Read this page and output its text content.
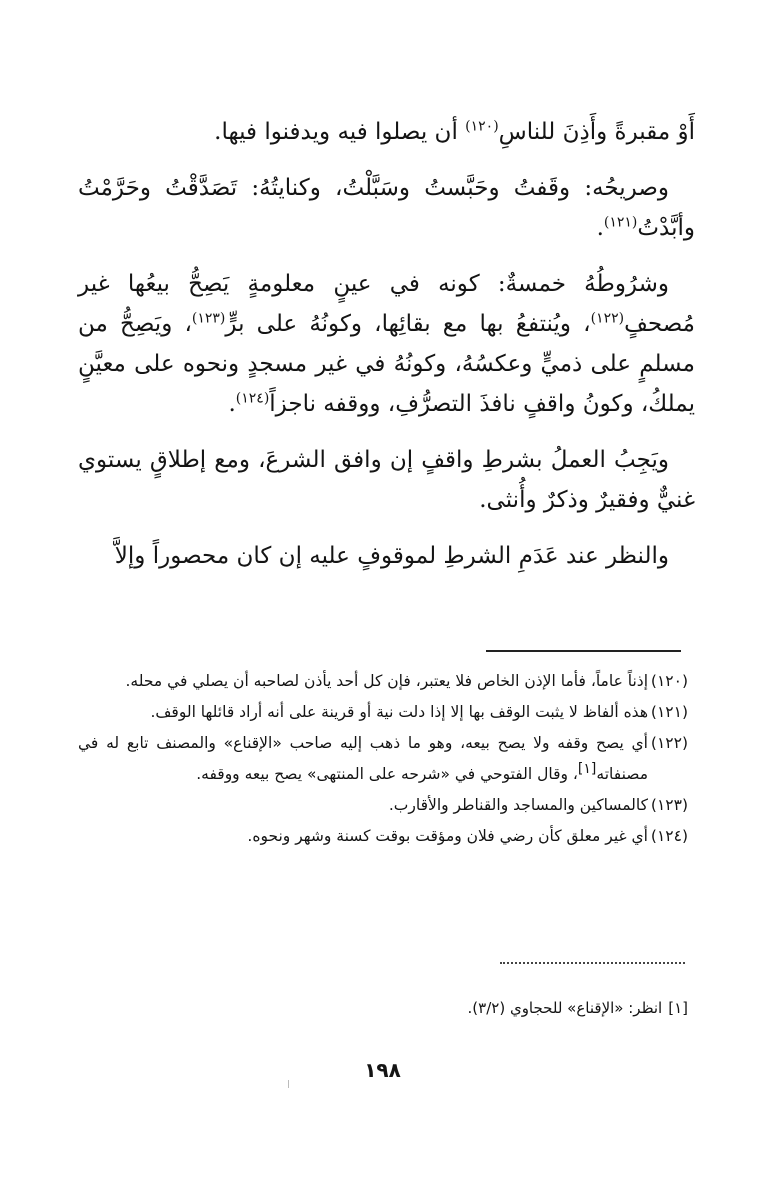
أَوْ مقبرةً وأَذِنَ للناسِ$^{(١٢٠)}$ أن يصلوا فيه ويدفنوا فيها.

وصريحُه: وقَفتُ وحَبَّستُ وسَبَّلْتُ، وكنايتُهُ: تَصَدَّقْتُ وحَرَّمْتُ وأبَّدْتُ$^{(١٢١)}$.

وشرُوطُهُ خمسةٌ: كونه في عينٍ معلومةٍ يَصِحُّ بيعُها غير مُصحفٍ$^{(١٢٢)}$، ويُنتفعُ بها مع بقائِها، وكونُهُ على برٍّ$^{(١٢٣)}$، ويَصِحُّ من مسلمٍ على ذميٍّ وعكسُهُ، وكونُهُ في غير مسجدٍ ونحوه على معيَّنٍ يملكُ، وكونُ واقفٍ نافذَ التصرُّفِ، ووقفه ناجزاً$^{(١٢٤)}$.

ويَجِبُ العملُ بشرطِ واقفٍ إن وافق الشرعَ، ومع إطلاقٍ يستوي غنيٌّ وفقيرٌ وذكرٌ وأُنثى.

والنظر عند عَدَمِ الشرطِ لموقوفٍ عليه إن كان محصوراً وإلاَّ

(١٢٠)
إذناً عاماً، فأما الإذن الخاص فلا يعتبر، فإن كل أحد يأذن لصاحبه أن يصلي في محله.
(١٢١)
هذه ألفاظ لا يثبت الوقف بها إلا إذا دلت نية أو قرينة على أنه أراد قائلها الوقف.
(١٢٢)
أي يصح وقفه ولا يصح بيعه، وهو ما ذهب إليه صاحب «الإقناع» والمصنف تابع له في مصنفاته[١]، وقال الفتوحي في «شرحه على المنتهى» يصح بيعه ووقفه.
(١٢٣)
كالمساكين والمساجد والقناطر والأقارب.
(١٢٤)
أي غير معلق كأن رضي فلان ومؤقت بوقت كسنة وشهر ونحوه.
[١]انظر: «الإقناع» للحجاوي (٣/٢).
١٩٨
